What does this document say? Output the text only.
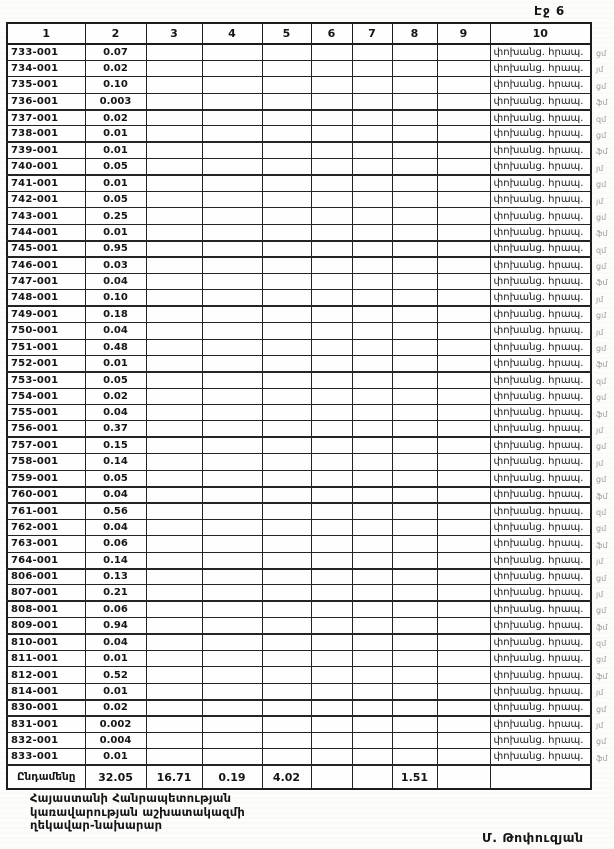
Էջ 6
1	2	3	4	5	6	7	8	9	10
733-001	0.07								փոխանց. հրապ.
734-001	0.02								փոխանց. հրապ.
735-001	0.10								փոխանց. հրապ.
736-001	0.003								փոխանց. հրապ.
737-001	0.02								փոխանց. հրապ.
738-001	0.01								փոխանց. հրապ.
739-001	0.01								փոխանց. հրապ.
740-001	0.05								փոխանց. հրապ.
741-001	0.01								փոխանց. հրապ.
742-001	0.05								փոխանց. հրապ.
743-001	0.25								փոխանց. հրապ.
744-001	0.01								փոխանց. հրապ.
745-001	0.95								փոխանց. հրապ.
746-001	0.03								փոխանց. հրապ.
747-001	0.04								փոխանց. հրապ.
748-001	0.10								փոխանց. հրապ.
749-001	0.18								փոխանց. հրապ.
750-001	0.04								փոխանց. հրապ.
751-001	0.48								փոխանց. հրապ.
752-001	0.01								փոխանց. հրապ.
753-001	0.05								փոխանց. հրապ.
754-001	0.02								փոխանց. հրապ.
755-001	0.04								փոխանց. հրապ.
756-001	0.37								փոխանց. հրապ.
757-001	0.15								փոխանց. հրապ.
758-001	0.14								փոխանց. հրապ.
759-001	0.05								փոխանց. հրապ.
760-001	0.04								փոխանց. հրապ.
761-001	0.56								փոխանց. հրապ.
762-001	0.04								փոխանց. հրապ.
763-001	0.06								փոխանց. հրապ.
764-001	0.14								փոխանց. հրապ.
806-001	0.13								փոխանց. հրապ.
807-001	0.21								փոխանց. հրապ.
808-001	0.06								փոխանց. հրապ.
809-001	0.94								փոխանց. հրապ.
810-001	0.04								փոխանց. հրապ.
811-001	0.01								փոխանց. հրապ.
812-001	0.52								փոխանց. հրապ.
814-001	0.01								փոխանց. հրապ.
830-001	0.02								փոխանց. հրապ.
831-001	0.002								փոխանց. հրապ.
832-001	0.004								փոխանց. հրապ.
833-001	0.01								փոխանց. հրապ.
Ընդամենը	32.05	16.71	0.19	4.02			1.51		
ցմ
յմ
ցմ
ֆմ
զմ
ցմ
ֆմ
յմ
ցմ
յմ
ցմ
ֆմ
զմ
ցմ
ֆմ
յմ
ցմ
յմ
ցմ
ֆմ
զմ
ցմ
ֆմ
յմ
ցմ
յմ
ցմ
ֆմ
զմ
ցմ
ֆմ
յմ
ցմ
յմ
ցմ
ֆմ
զմ
ցմ
ֆմ
յմ
ցմ
յմ
ցմ
ֆմ
Հայաստանի Հանրապետության
կառավարության աշխատակազմի
ղեկավար-նախարար
Մ. Թոփուզյան
